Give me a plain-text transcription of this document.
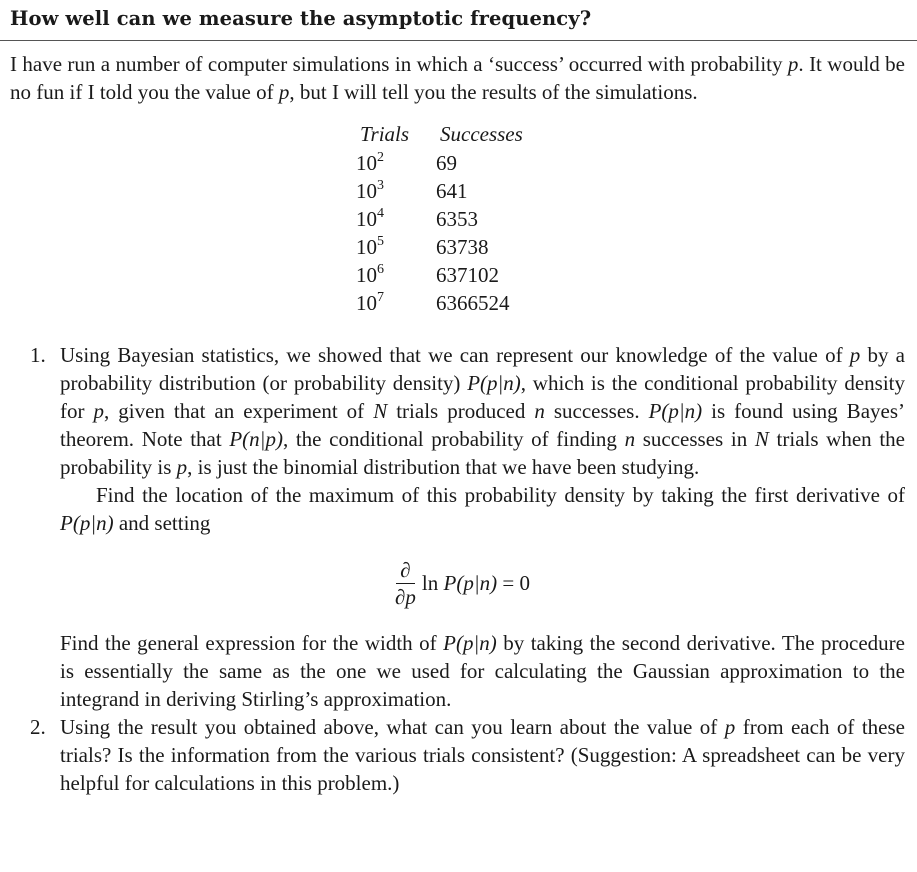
How well can we measure the asymptotic frequency?

I have run a number of computer simulations in which a ‘success’ occurred with probability p. It would be no fun if I told you the value of p, but I will tell you the results of the simulations.

Trials	Successes
$10^2$	69
$10^3$	641
$10^4$	6353
$10^5$	63738
$10^6$	637102
$10^7$	6366524
1. Using Bayesian statistics, we showed that we can represent our knowledge of the value of p by a probability distribution (or probability density) P(p|n), which is the conditional probability density for p, given that an experiment of N trials produced n successes. P(p|n) is found using Bayes’ theorem. Note that P(n|p), the conditional probability of finding n successes in N trials when the probability is p, is just the binomial distribution that we have been studying.
Find the location of the maximum of this probability density by taking the first derivative of P(p|n) and setting
$\frac{\partial}{\partial p}$ ln
P(p|n)
= 0
Find the general expression for the width of P(p|n) by taking the second derivative. The procedure is essentially the same as the one we used for calculating the Gaussian approximation to the integrand in deriving Stirling’s approximation.
2. Using the result you obtained above, what can you learn about the value of p from each of these trials? Is the information from the various trials consistent? (Suggestion: A spreadsheet can be very helpful for calculations in this problem.)
